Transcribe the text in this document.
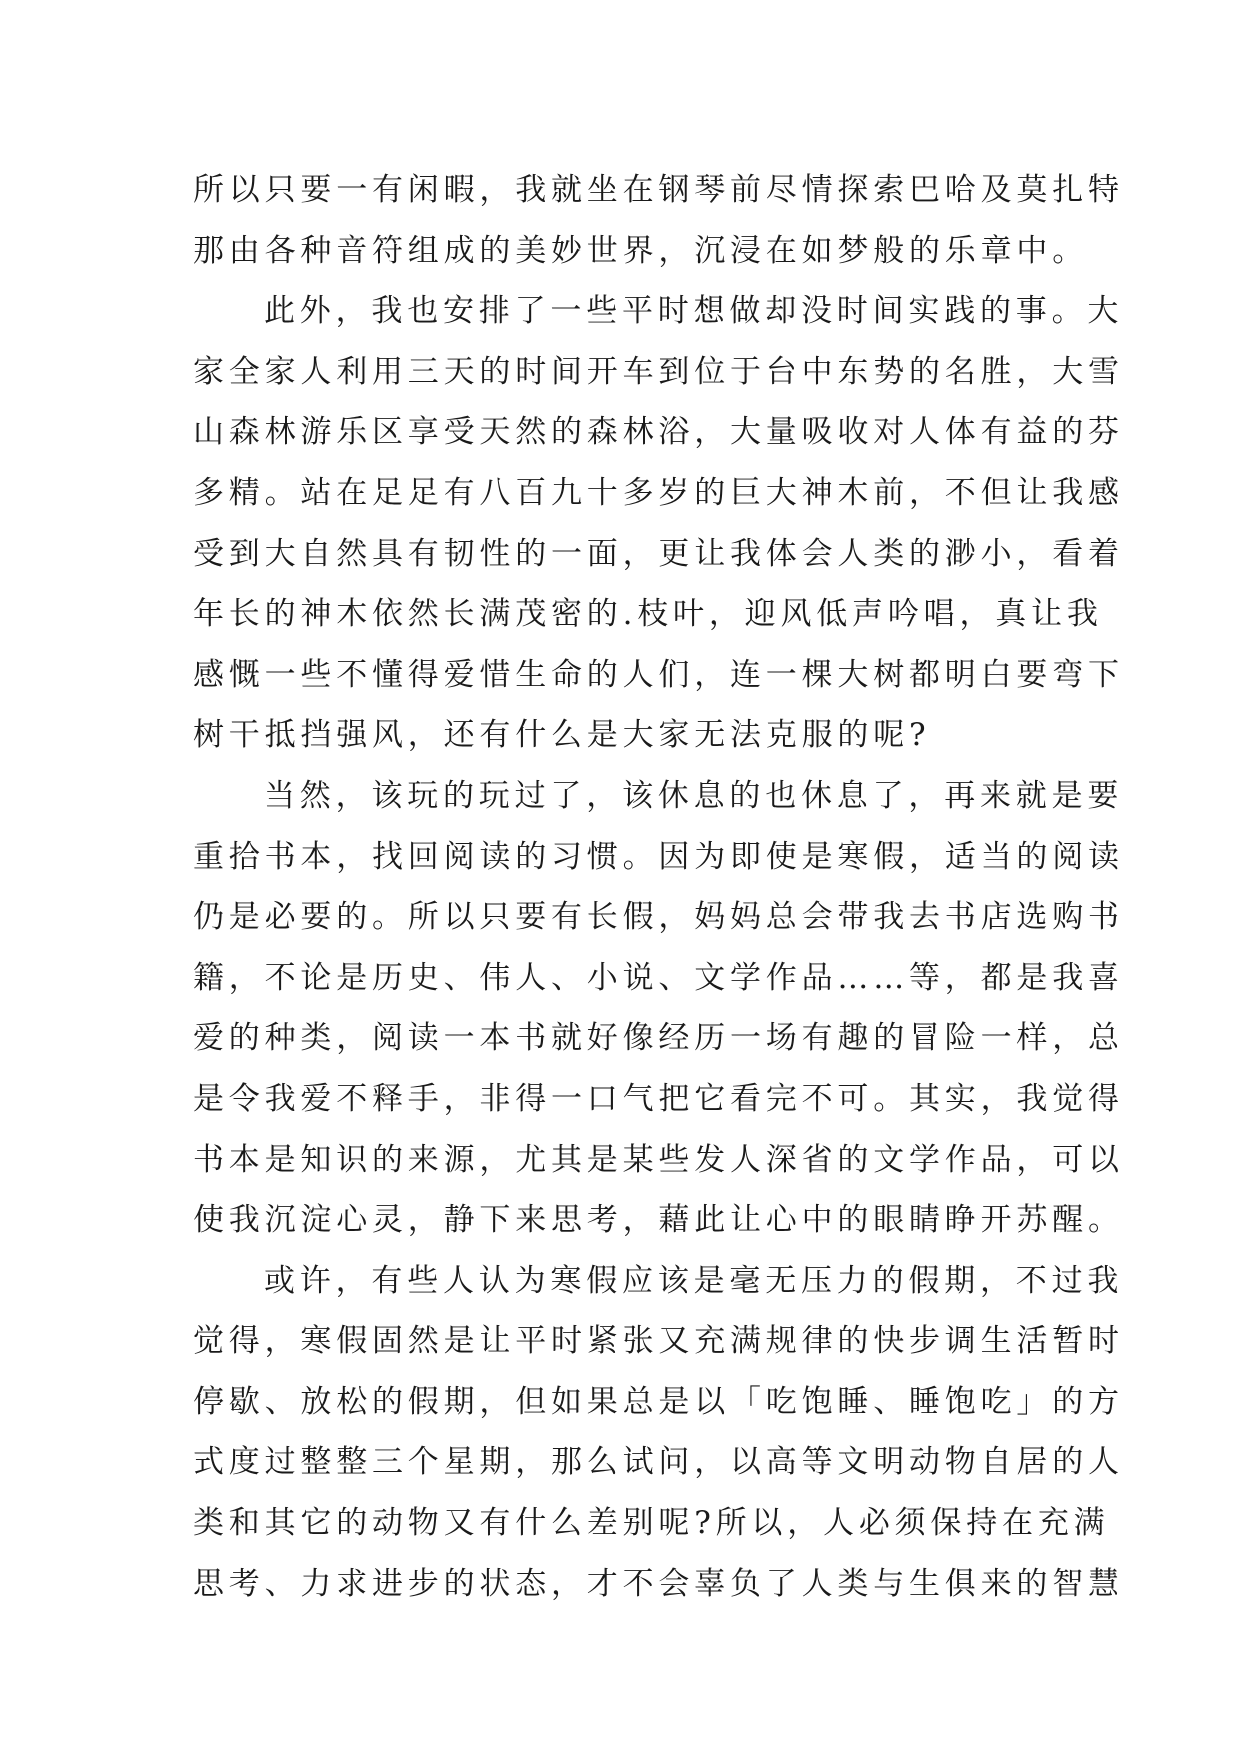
所以只要一有闲暇，我就坐在钢琴前尽情探索巴哈及莫扎特
那由各种音符组成的美妙世界，沉浸在如梦般的乐章中。
此外，我也安排了一些平时想做却没时间实践的事。大
家全家人利用三天的时间开车到位于台中东势的名胜，大雪
山森林游乐区享受天然的森林浴，大量吸收对人体有益的芬
多精。站在足足有八百九十多岁的巨大神木前，不但让我感
受到大自然具有韧性的一面，更让我体会人类的渺小，看着
年长的神木依然长满茂密的.枝叶，迎风低声吟唱，真让我
感慨一些不懂得爱惜生命的人们，连一棵大树都明白要弯下
树干抵挡强风，还有什么是大家无法克服的呢?
当然，该玩的玩过了，该休息的也休息了，再来就是要
重拾书本，找回阅读的习惯。因为即使是寒假，适当的阅读
仍是必要的。所以只要有长假，妈妈总会带我去书店选购书
籍，不论是历史、伟人、小说、文学作品……等，都是我喜
爱的种类，阅读一本书就好像经历一场有趣的冒险一样，总
是令我爱不释手，非得一口气把它看完不可。其实，我觉得
书本是知识的来源，尤其是某些发人深省的文学作品，可以
使我沉淀心灵，静下来思考，藉此让心中的眼睛睁开苏醒。
或许，有些人认为寒假应该是毫无压力的假期，不过我
觉得，寒假固然是让平时紧张又充满规律的快步调生活暂时
停歇、放松的假期，但如果总是以「吃饱睡、睡饱吃」的方
式度过整整三个星期，那么试问，以高等文明动物自居的人
类和其它的动物又有什么差别呢?所以，人必须保持在充满
思考、力求进步的状态，才不会辜负了人类与生俱来的智慧
